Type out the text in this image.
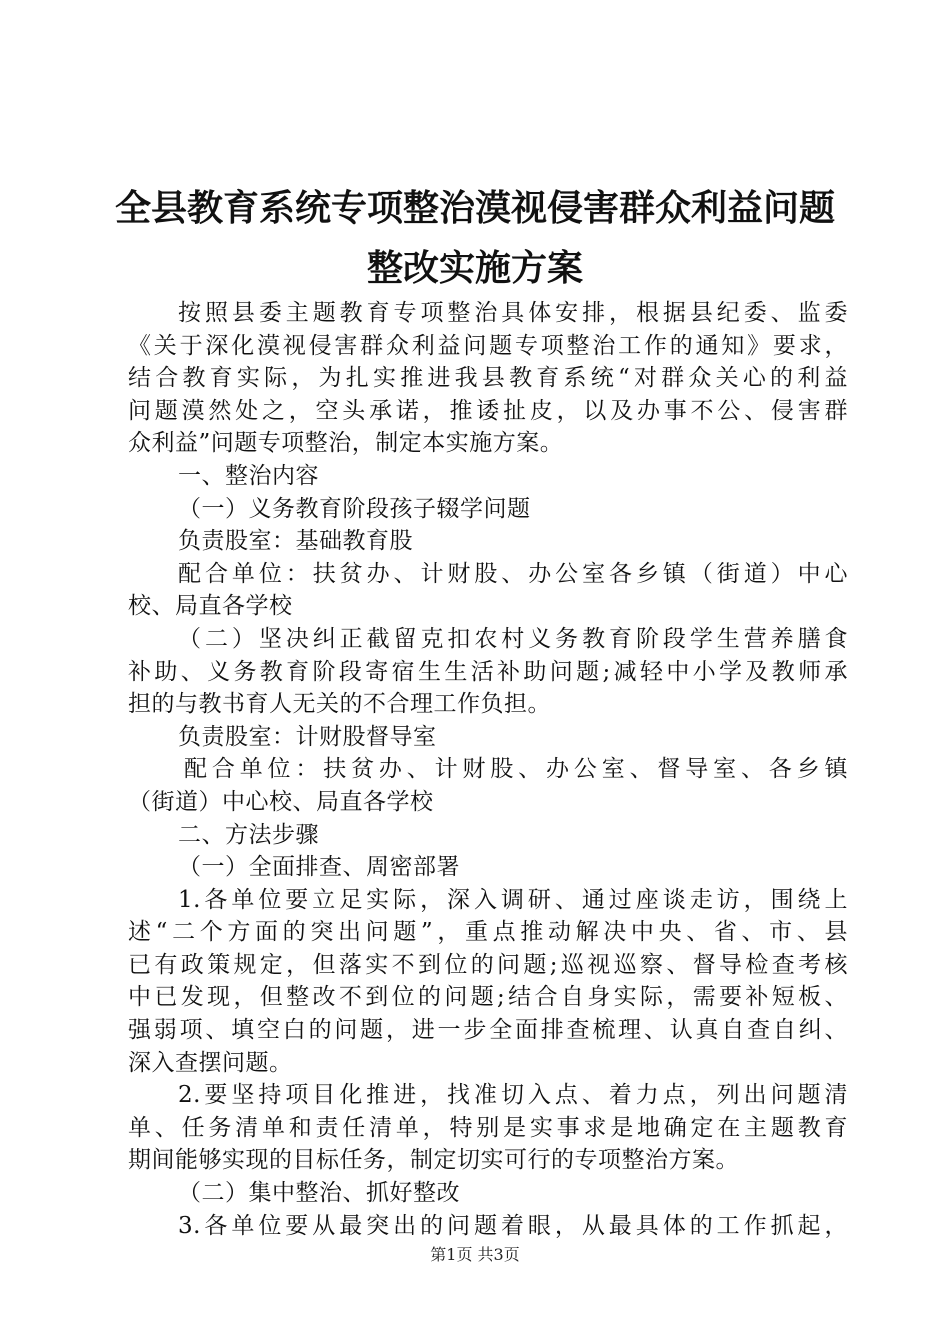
全县教育系统专项整治漠视侵害群众利益问题
整改实施方案
按照县委主题教育专项整治具体安排，根据县纪委、监委
《关于深化漠视侵害群众利益问题专项整治工作的通知》要求，
结合教育实际，为扎实推进我县教育系统“对群众关心的利益
问题漠然处之，空头承诺，推诿扯皮，以及办事不公、侵害群
众利益”问题专项整治，制定本实施方案。
一、整治内容
（一）义务教育阶段孩子辍学问题
负责股室：基础教育股
配合单位：扶贫办、计财股、办公室各乡镇（街道）中心
校、局直各学校
（二）坚决纠正截留克扣农村义务教育阶段学生营养膳食
补助、义务教育阶段寄宿生生活补助问题;减轻中小学及教师承
担的与教书育人无关的不合理工作负担。
负责股室：计财股督导室
配合单位：扶贫办、计财股、办公室、督导室、各乡镇
（街道）中心校、局直各学校
二、方法步骤
（一）全面排查、周密部署
1.各单位要立足实际，深入调研、通过座谈走访，围绕上
述“二个方面的突出问题”，重点推动解决中央、省、市、县
已有政策规定，但落实不到位的问题;巡视巡察、督导检查考核
中已发现，但整改不到位的问题;结合自身实际，需要补短板、
强弱项、填空白的问题，进一步全面排查梳理、认真自查自纠、
深入查摆问题。
2.要坚持项目化推进，找准切入点、着力点，列出问题清
单、任务清单和责任清单，特别是实事求是地确定在主题教育
期间能够实现的目标任务，制定切实可行的专项整治方案。
（二）集中整治、抓好整改
3.各单位要从最突出的问题着眼，从最具体的工作抓起，
第1页 共3页
